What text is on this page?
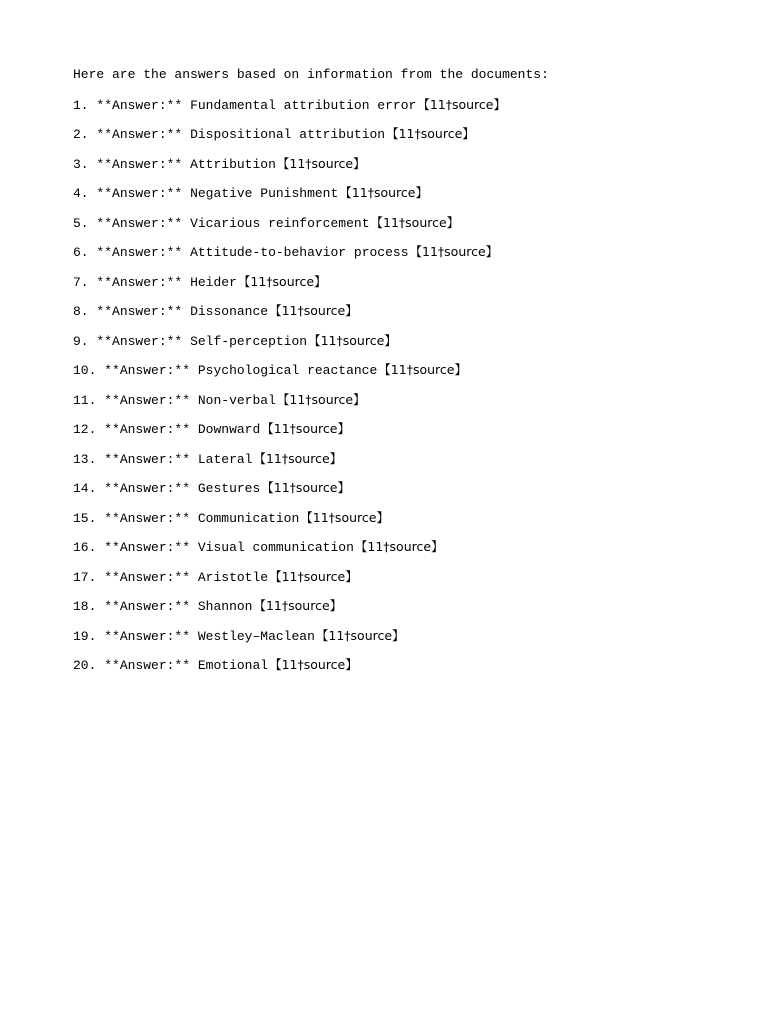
Here are the answers based on information from the documents:
1. **Answer:** Fundamental attribution error【11†source】
2. **Answer:** Dispositional attribution【11†source】
3. **Answer:** Attribution【11†source】
4. **Answer:** Negative Punishment【11†source】
5. **Answer:** Vicarious reinforcement【11†source】
6. **Answer:** Attitude-to-behavior process【11†source】
7. **Answer:** Heider【11†source】
8. **Answer:** Dissonance【11†source】
9. **Answer:** Self-perception【11†source】
10. **Answer:** Psychological reactance【11†source】
11. **Answer:** Non-verbal【11†source】
12. **Answer:** Downward【11†source】
13. **Answer:** Lateral【11†source】
14. **Answer:** Gestures【11†source】
15. **Answer:** Communication【11†source】
16. **Answer:** Visual communication【11†source】
17. **Answer:** Aristotle【11†source】
18. **Answer:** Shannon【11†source】
19. **Answer:** Westley–Maclean【11†source】
20. **Answer:** Emotional【11†source】
